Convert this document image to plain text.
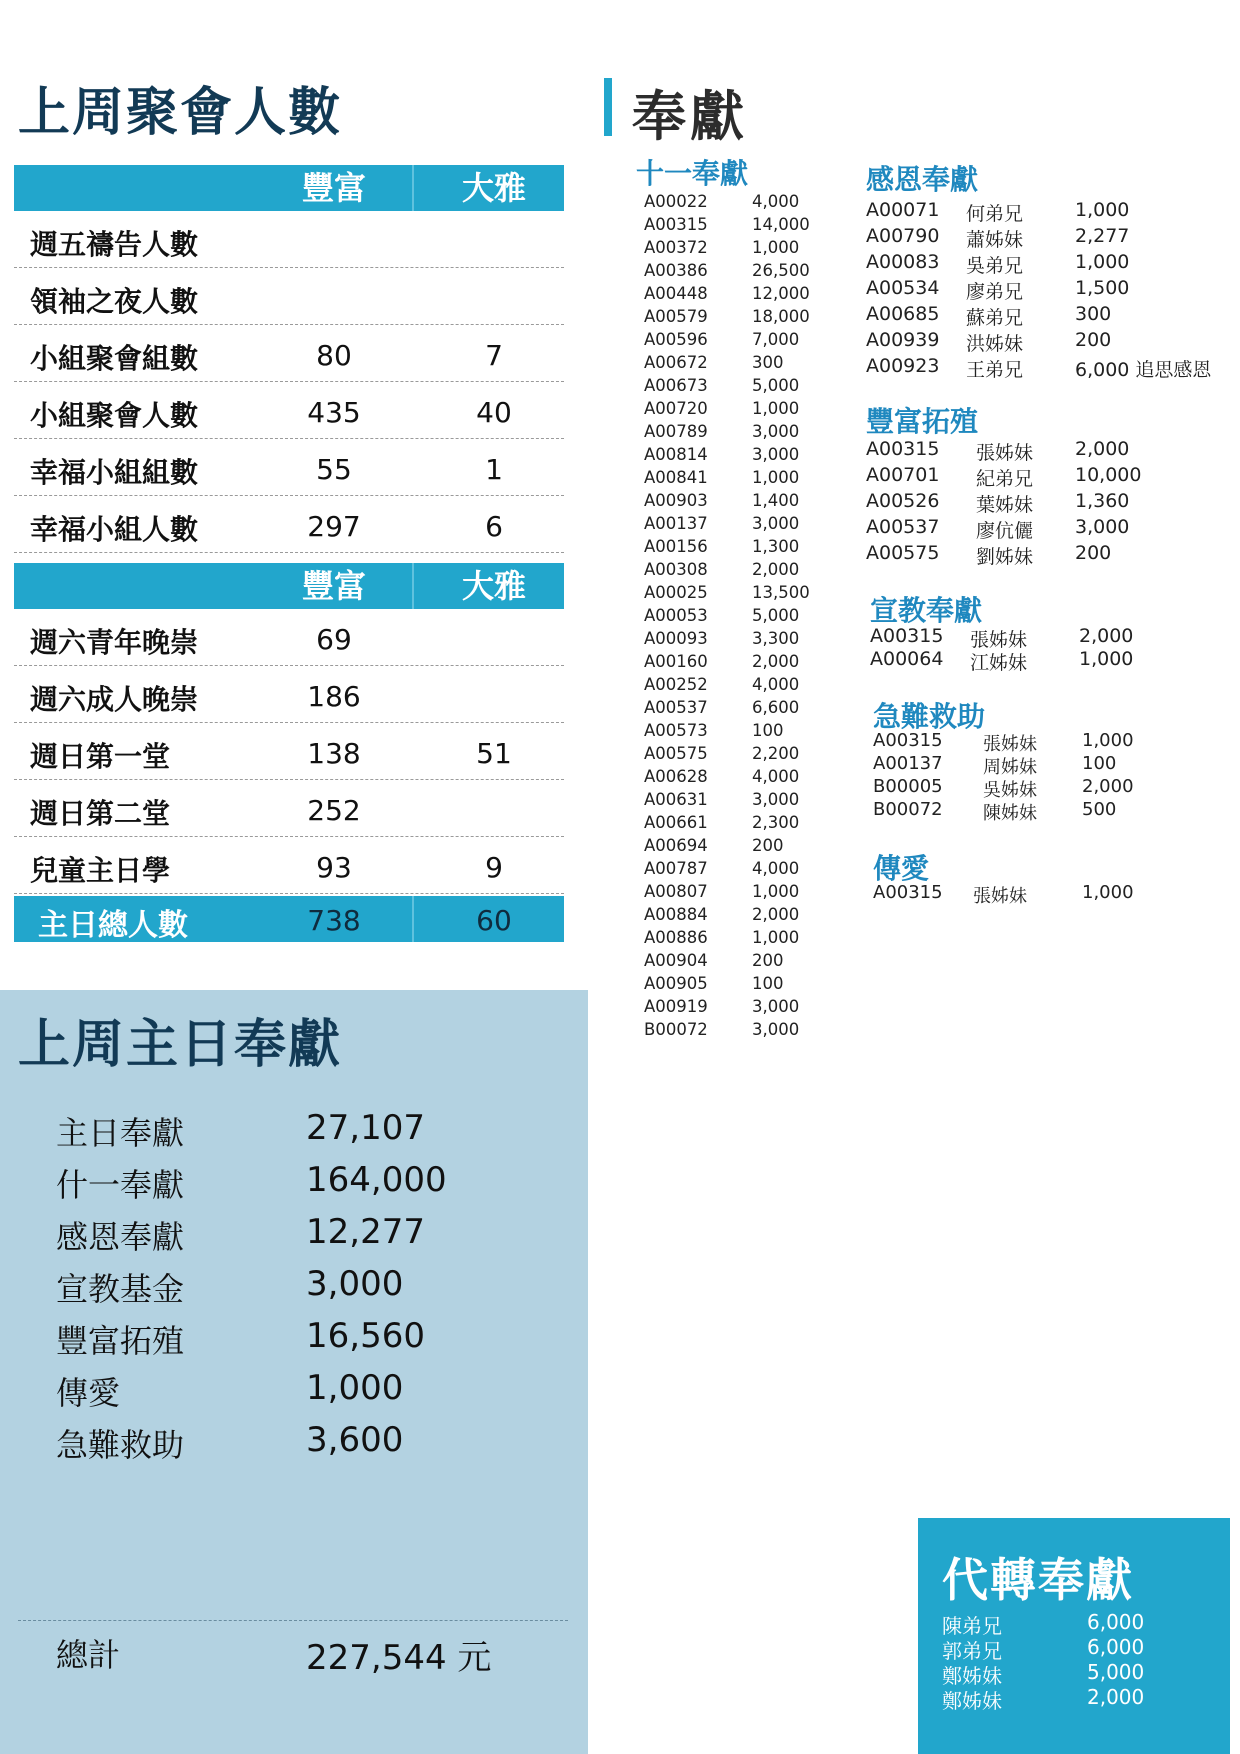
上周聚會人數
豐富	大雅
週五禱告人數
領袖之夜人數
小組聚會組數	80	7
小組聚會人數	435	40
幸福小組組數	55	1
幸福小組人數	297	6
豐富	大雅
週六青年晚崇	69
週六成人晚崇	186
週日第一堂	138	51
週日第二堂	252
兒童主日學	93	9
主日總人數	738	60
上周主日奉獻
主日奉獻	27,107
什一奉獻	164,000
感恩奉獻	12,277
宣教基金	3,000
豐富拓殖	16,560
傳愛	1,000
急難救助	3,600
總計	227,544 元
奉獻
十一奉獻
A00022	4,000
A00315	14,000
A00372	1,000
A00386	26,500
A00448	12,000
A00579	18,000
A00596	7,000
A00672	300
A00673	5,000
A00720	1,000
A00789	3,000
A00814	3,000
A00841	1,000
A00903	1,400
A00137	3,000
A00156	1,300
A00308	2,000
A00025	13,500
A00053	5,000
A00093	3,300
A00160	2,000
A00252	4,000
A00537	6,600
A00573	100
A00575	2,200
A00628	4,000
A00631	3,000
A00661	2,300
A00694	200
A00787	4,000
A00807	1,000
A00884	2,000
A00886	1,000
A00904	200
A00905	100
A00919	3,000
B00072	3,000
感恩奉獻
A00071 何弟兄	1,000
A00790 蕭姊妹	2,277
A00083 吳弟兄	1,000
A00534 廖弟兄	1,500
A00685 蘇弟兄	300
A00939 洪姊妹	200
A00923 王弟兄	6,000 追思感恩
豐富拓殖
A00315 張姊妹 2,000
A00701 紀弟兄 10,000
A00526 葉姊妹 1,360
A00537 廖伉儷 3,000
A00575 劉姊妹 200
宣教奉獻
A00315 張姊妹	2,000
A00064 江姊妹	1,000
急難救助
A00315 張姊妹	1,000
A00137 周姊妹	100
B00005 吳姊妹	2,000
B00072 陳姊妹	500
傳愛
A00315 張姊妹	1,000
代轉奉獻
陳弟兄	6,000
郭弟兄	6,000
鄭姊妹	5,000
鄭姊妹	2,000
